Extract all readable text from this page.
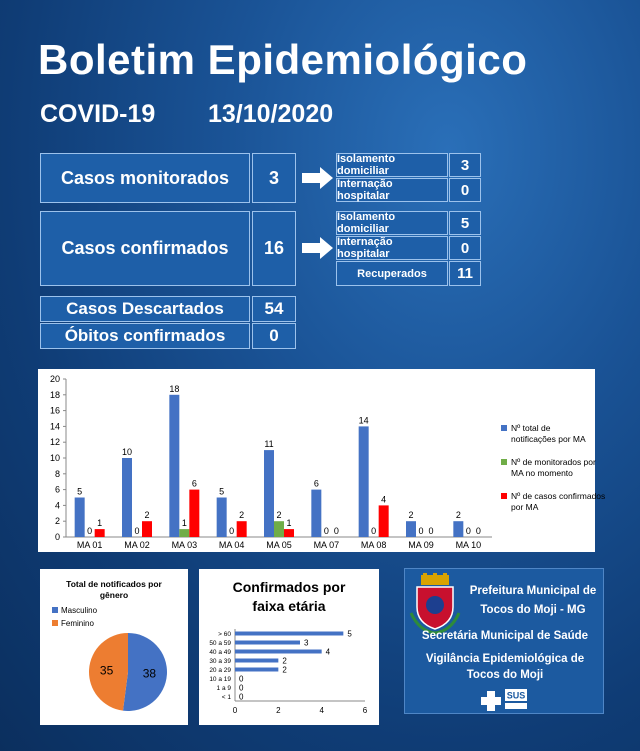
Boletim Epidemiológico
COVID-19 13/10/2020
Casos monitorados	3
Isolamento domiciliar	3
Internação hospitalar	0
Casos confirmados	16
Isolamento domiciliar	5
Internação hospitalar	0
Recuperados	11
Casos Descartados	54
Óbitos confirmados	0
0
2
4
6
8
10
12
14
16
18
20
5
0
1
MA 01
10
0
2
MA 02
18
1
6
MA 03
5
0
2
MA 04
11
2
1
MA 05
6
0 0
MA 07
14
0
4
MA 08
2
0 0
MA 09
2
0 0
MA 10
Nº total de notificações por MA
Nº de monitorados por MA no momento
Nº de casos confirmados por MA
Total de notificados por
gênero
Masculino
Feminino
38
35
Confirmados por
faixa etária
0	2	4	6
> 60	5
50 a 59	3
40 a 49	4
30 a 39	2
20 a 29	2
10 a 19 0
1 a 9 0
< 1 0
Prefeitura Municipal de
Tocos do Moji - MG
Secretária Municipal de Saúde
Vigilância Epidemiológica de
Tocos do Moji
SUS
